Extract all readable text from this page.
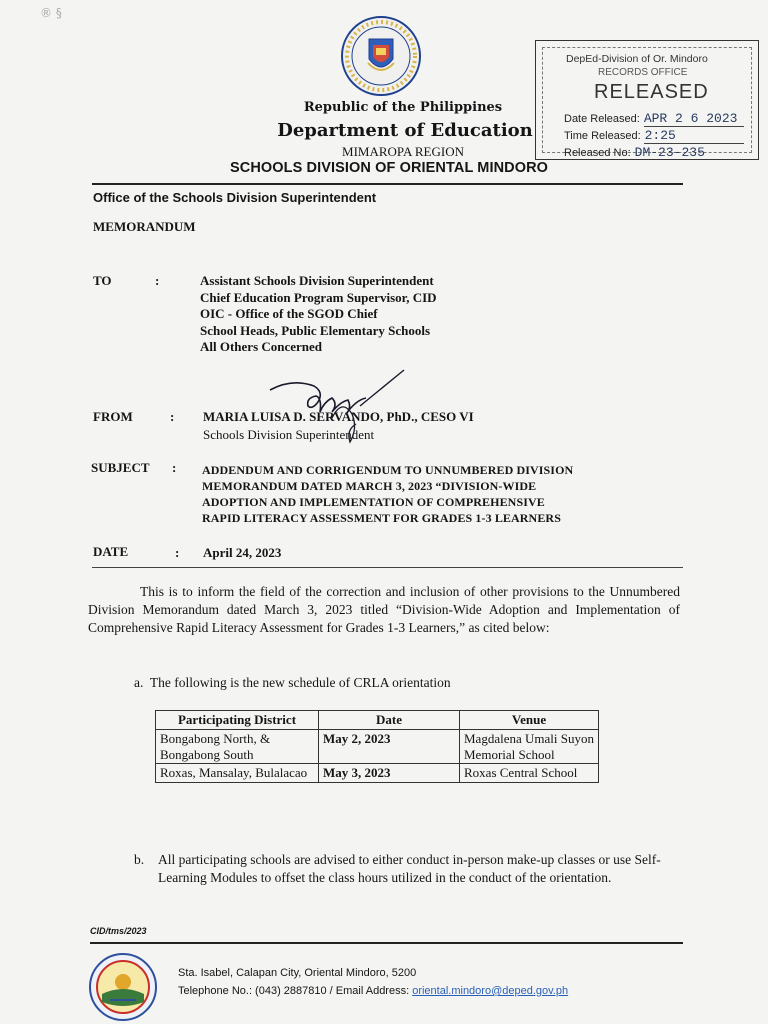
® §
Republic of the Philippines
Department of Education
MIMAROPA REGION
SCHOOLS DIVISION OF ORIENTAL MINDORO
DepEd-Division of Or. Mindoro
RECORDS OFFICE
RELEASED
Date Released: APR 2 6 2023
Time Released: 2:25
Released No: DM-23-235
Office of the Schools Division Superintendent
MEMORANDUM
TO	:	Assistant Schools Division Superintendent
Chief Education Program Supervisor, CID
OIC - Office of the SGOD Chief
School Heads, Public Elementary Schools
All Others Concerned
FROM	: MARIA LUISA D. SERVANDO, PhD., CESO VI
Schools Division Superintendent
SUBJECT : ADDENDUM AND CORRIGENDUM TO UNNUMBERED DIVISION
MEMORANDUM DATED MARCH 3, 2023 “DIVISION-WIDE
ADOPTION AND IMPLEMENTATION OF COMPREHENSIVE
RAPID LITERACY ASSESSMENT FOR GRADES 1-3 LEARNERS
DATE	: April 24, 2023
This is to inform the field of the correction and inclusion of other provisions to the Unnumbered Division Memorandum dated March 3, 2023 titled “Division-Wide Adoption and Implementation of Comprehensive Rapid Literacy Assessment for Grades 1-3 Learners,” as cited below:
a.  The following is the new schedule of CRLA orientation
Participating District	Date	Venue
Bongabong North, & Bongabong South	May 2, 2023	Magdalena Umali Suyon Memorial School
Roxas, Mansalay, Bulalacao	May 3, 2023	Roxas Central School
b. All participating schools are advised to either conduct in-person make-up classes or use Self-Learning Modules to offset the class hours utilized in the conduct of the orientation.
CID/tms/2023
Sta. Isabel, Calapan City, Oriental Mindoro, 5200
Telephone No.: (043) 2887810 / Email Address: oriental.mindoro@deped.gov.ph
